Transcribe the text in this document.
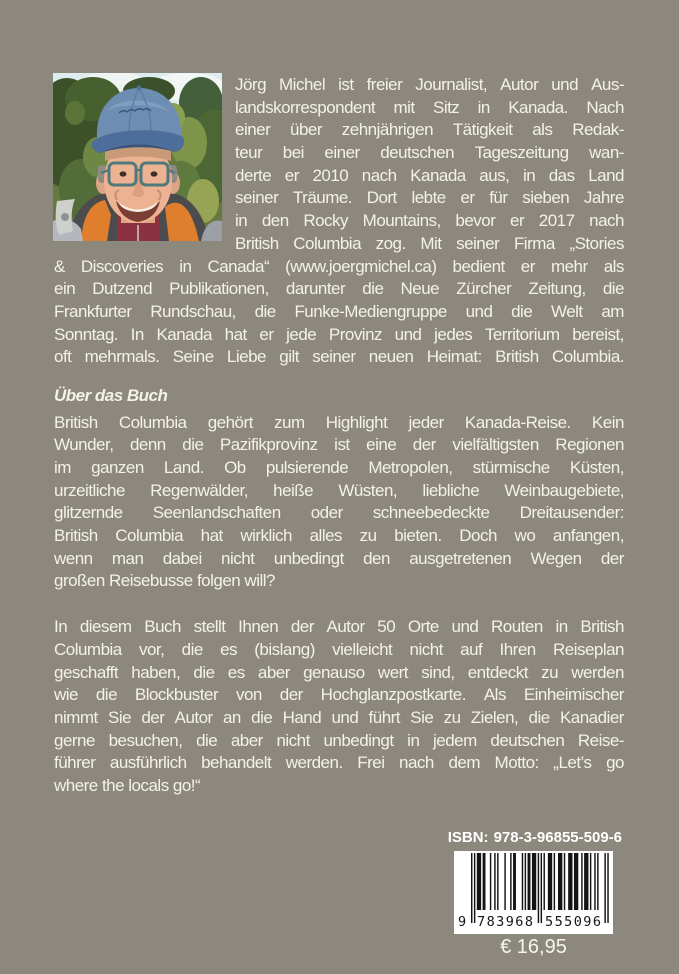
Jörg Michel ist freier Journalist, Autor und Aus-
landskorrespondent mit Sitz in Kanada. Nach
einer über zehnjährigen Tätigkeit als Redak-
teur bei einer deutschen Tageszeitung wan-
derte er 2010 nach Kanada aus, in das Land
seiner Träume. Dort lebte er für sieben Jahre
in den Rocky Mountains, bevor er 2017 nach
British Columbia zog. Mit seiner Firma „Stories
& Discoveries in Canada“ (www.joergmichel.ca) bedient er mehr als
ein Dutzend Publikationen, darunter die Neue Zürcher Zeitung, die
Frankfurter Rundschau, die Funke-Mediengruppe und die Welt am
Sonntag. In Kanada hat er jede Provinz und jedes Territorium bereist,
oft mehrmals. Seine Liebe gilt seiner neuen Heimat: British Columbia.
Über das Buch
British Columbia gehört zum Highlight jeder Kanada-Reise. Kein
Wunder, denn die Pazifikprovinz ist eine der vielfältigsten Regionen
im ganzen Land. Ob pulsierende Metropolen, stürmische Küsten,
urzeitliche Regenwälder, heiße Wüsten, liebliche Weinbaugebiete,
glitzernde Seenlandschaften oder schneebedeckte Dreitausender:
British Columbia hat wirklich alles zu bieten. Doch wo anfangen,
wenn man dabei nicht unbedingt den ausgetretenen Wegen der
großen Reisebusse folgen will?
In diesem Buch stellt Ihnen der Autor 50 Orte und Routen in British
Columbia vor, die es (bislang) vielleicht nicht auf Ihren Reiseplan
geschafft haben, die es aber genauso wert sind, entdeckt zu werden
wie die Blockbuster von der Hochglanzpostkarte. Als Einheimischer
nimmt Sie der Autor an die Hand und führt Sie zu Zielen, die Kanadier
gerne besuchen, die aber nicht unbedingt in jedem deutschen Reise-
führer ausführlich behandelt werden. Frei nach dem Motto: „Let’s go
where the locals go!“
ISBN: 978-3-96855-509-6
9 783968 555096
€ 16,95
